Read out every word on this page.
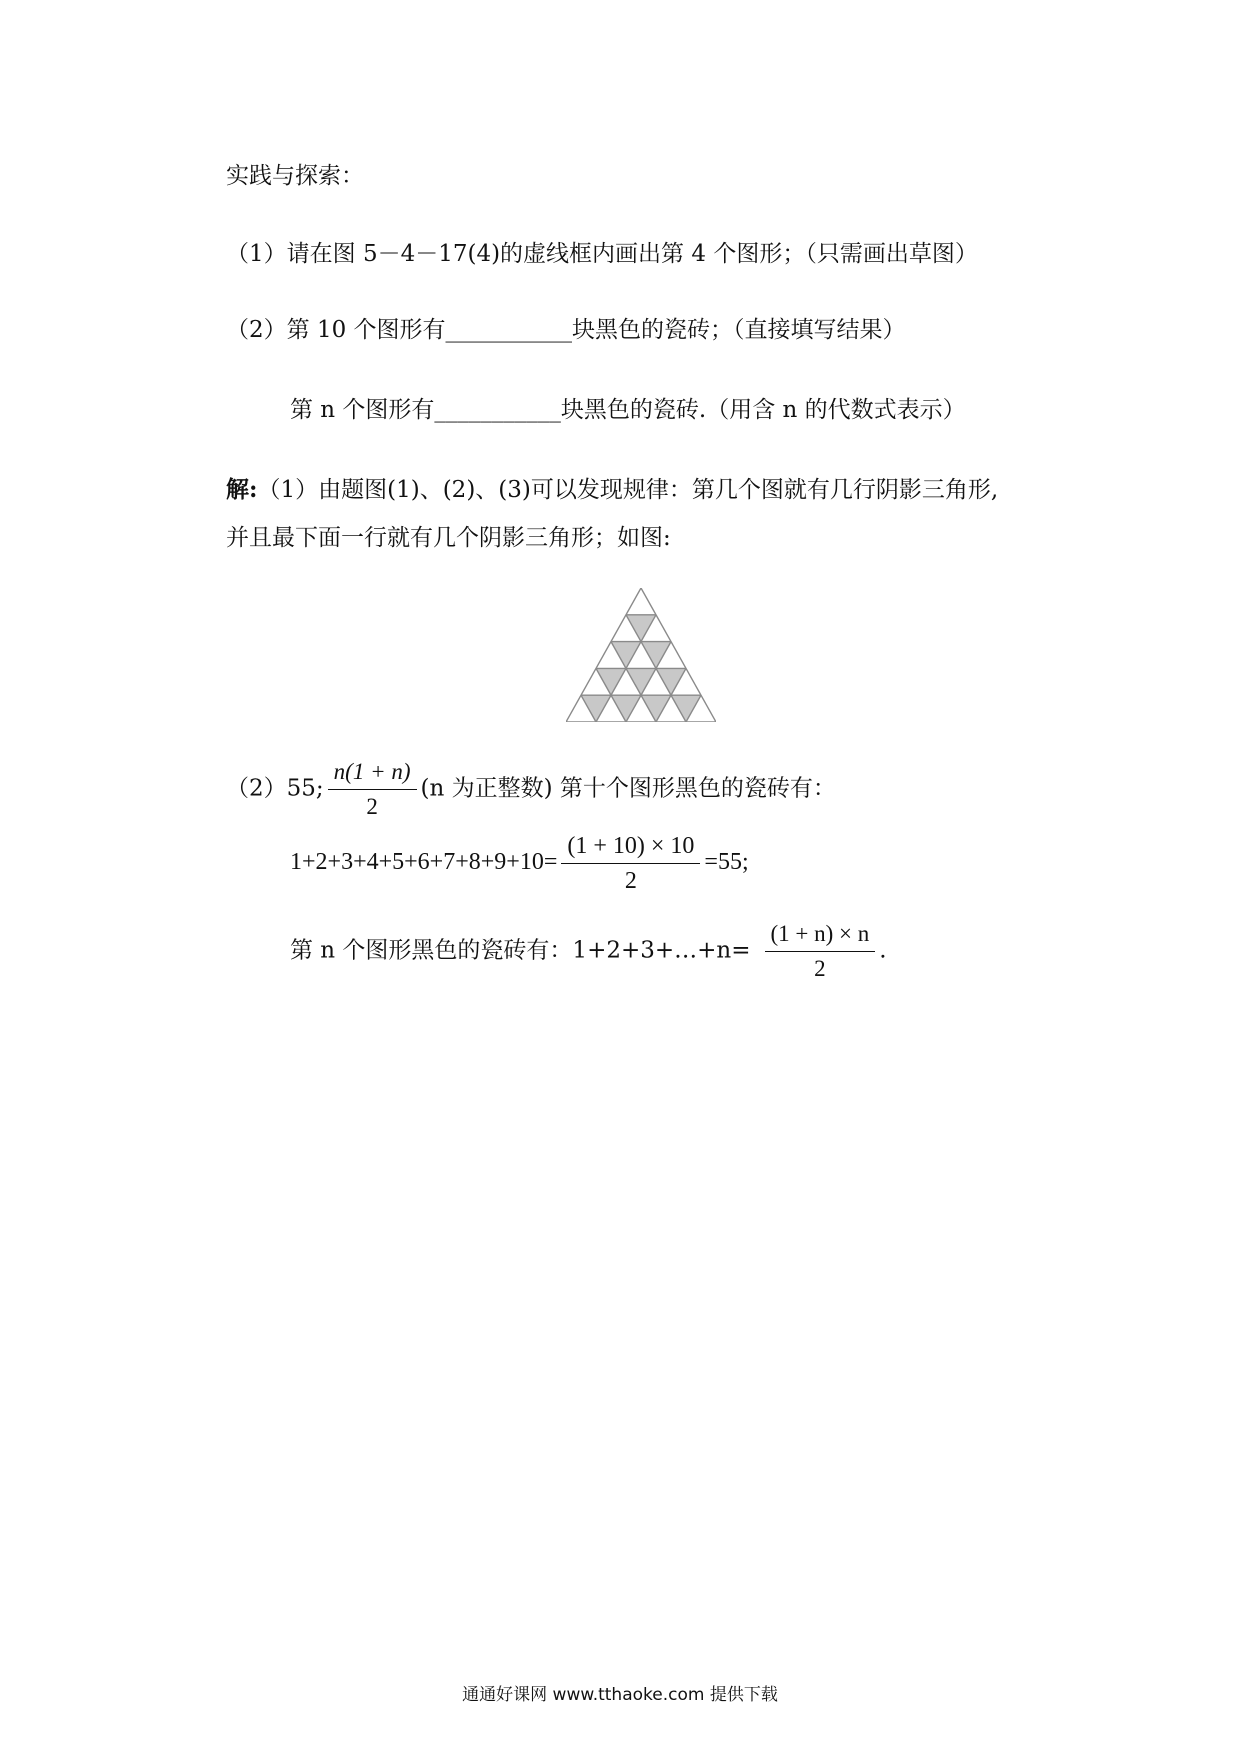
实践与探索：
（1）请在图 5－4－17(4)的虚线框内画出第 4 个图形；（只需画出草图）
（2）第 10 个图形有___________块黑色的瓷砖；（直接填写结果）
第 n 个图形有___________块黑色的瓷砖.（用含 n 的代数式表示）
解:（1）由题图(1)、(2)、(3)可以发现规律：第几个图就有几行阴影三角形,
并且最下面一行就有几个阴影三角形；如图:
（2）55; $\frac{n(1 + n)}{2} (n$ 为正整数) 第十个图形黑色的瓷砖有：
$1+2+3+4+5+6+7+8+9+10= \frac{(1 + 10) \times 10}{2} =55$;
第 n 个图形黑色的瓷砖有：1+2+3+…+n= $\frac{(1 + n) \times n}{2}$ .
通通好课网 www.tthaoke.com 提供下载
